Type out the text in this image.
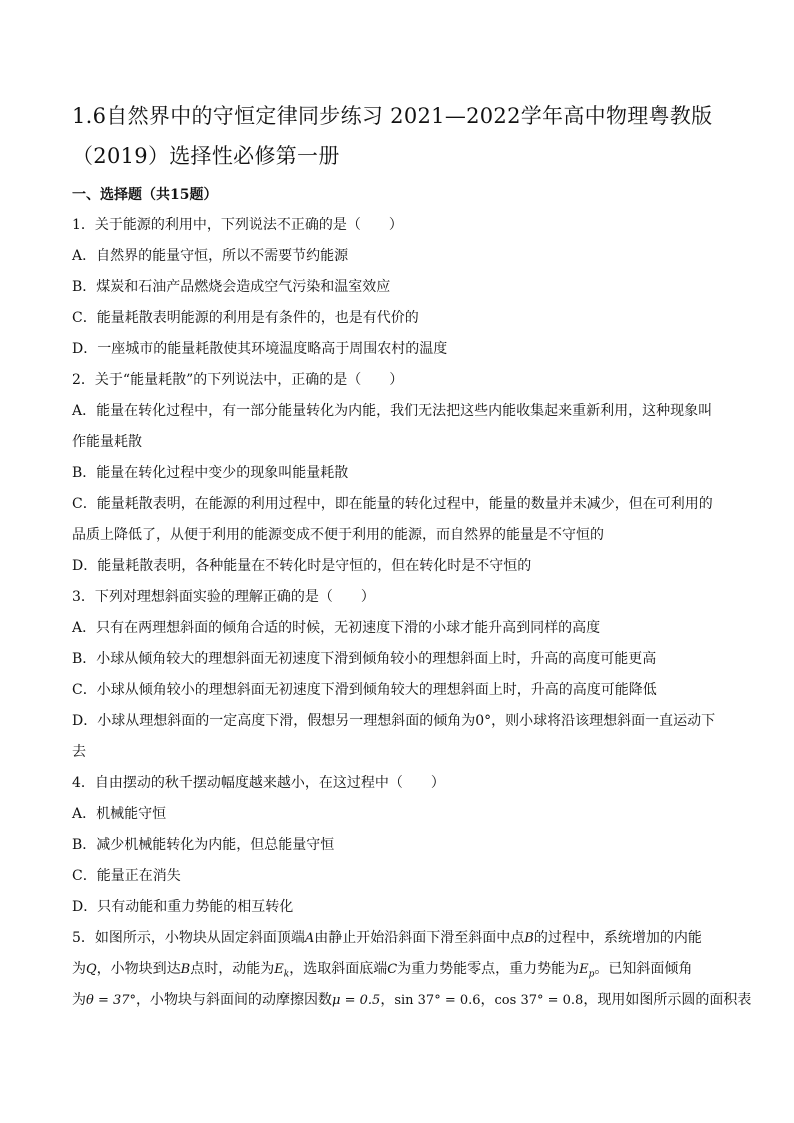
1.6自然界中的守恒定律同步练习 2021—2022学年高中物理粤教版
（2019）选择性必修第一册
一、选择题（共15题）
1．关于能源的利用中，下列说法不正确的是（　　）
A．自然界的能量守恒，所以不需要节约能源
B．煤炭和石油产品燃烧会造成空气污染和温室效应
C．能量耗散表明能源的利用是有条件的，也是有代价的
D．一座城市的能量耗散使其环境温度略高于周围农村的温度
2．关于“能量耗散”的下列说法中，正确的是（　　）
A．能量在转化过程中，有一部分能量转化为内能，我们无法把这些内能收集起来重新利用，这种现象叫作能量耗散
B．能量在转化过程中变少的现象叫能量耗散
C．能量耗散表明，在能源的利用过程中，即在能量的转化过程中，能量的数量并未减少，但在可利用的品质上降低了，从便于利用的能源变成不便于利用的能源，而自然界的能量是不守恒的
D．能量耗散表明，各种能量在不转化时是守恒的，但在转化时是不守恒的
3．下列对理想斜面实验的理解正确的是（　　）
A．只有在两理想斜面的倾角合适的时候，无初速度下滑的小球才能升高到同样的高度
B．小球从倾角较大的理想斜面无初速度下滑到倾角较小的理想斜面上时，升高的高度可能更高
C．小球从倾角较小的理想斜面无初速度下滑到倾角较大的理想斜面上时，升高的高度可能降低
D．小球从理想斜面的一定高度下滑，假想另一理想斜面的倾角为0°，则小球将沿该理想斜面一直运动下去
4．自由摆动的秋千摆动幅度越来越小，在这过程中（　　）
A．机械能守恒
B．减少机械能转化为内能，但总能量守恒
C．能量正在消失
D．只有动能和重力势能的相互转化
5．如图所示，小物块从固定斜面顶端A由静止开始沿斜面下滑至斜面中点B的过程中，系统增加的内能
为Q，小物块到达B点时，动能为$E_k$，选取斜面底端C为重力势能零点，重力势能为$E_p$。已知斜面倾角
为θ = 37°，小物块与斜面间的动摩擦因数μ = 0.5，sin 37° = 0.6，cos 37° = 0.8，现用如图所示圆的面积表
